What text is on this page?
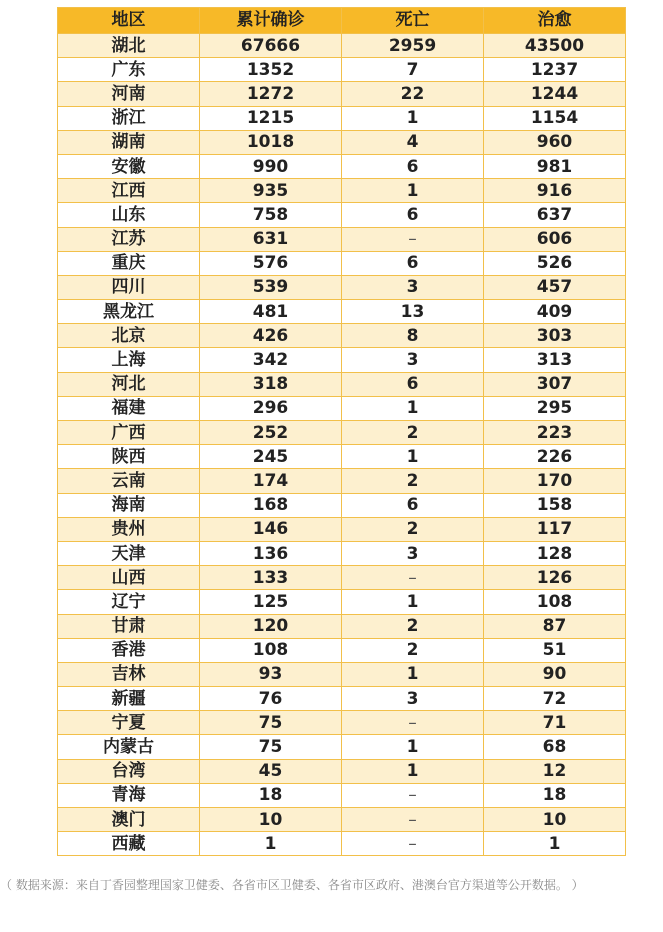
地区	累计确诊	死亡	治愈
湖北	67666	2959	43500
广东	1352	7	1237
河南	1272	22	1244
浙江	1215	1	1154
湖南	1018	4	960
安徽	990	6	981
江西	935	1	916
山东	758	6	637
江苏	631	–	606
重庆	576	6	526
四川	539	3	457
黑龙江	481	13	409
北京	426	8	303
上海	342	3	313
河北	318	6	307
福建	296	1	295
广西	252	2	223
陕西	245	1	226
云南	174	2	170
海南	168	6	158
贵州	146	2	117
天津	136	3	128
山西	133	–	126
辽宁	125	1	108
甘肃	120	2	87
香港	108	2	51
吉林	93	1	90
新疆	76	3	72
宁夏	75	–	71
内蒙古	75	1	68
台湾	45	1	12
青海	18	–	18
澳门	10	–	10
西藏	1	–	1
（ 数据来源：来自丁香园整理国家卫健委、各省市区卫健委、各省市区政府、港澳台官方渠道等公开数据。 ）
